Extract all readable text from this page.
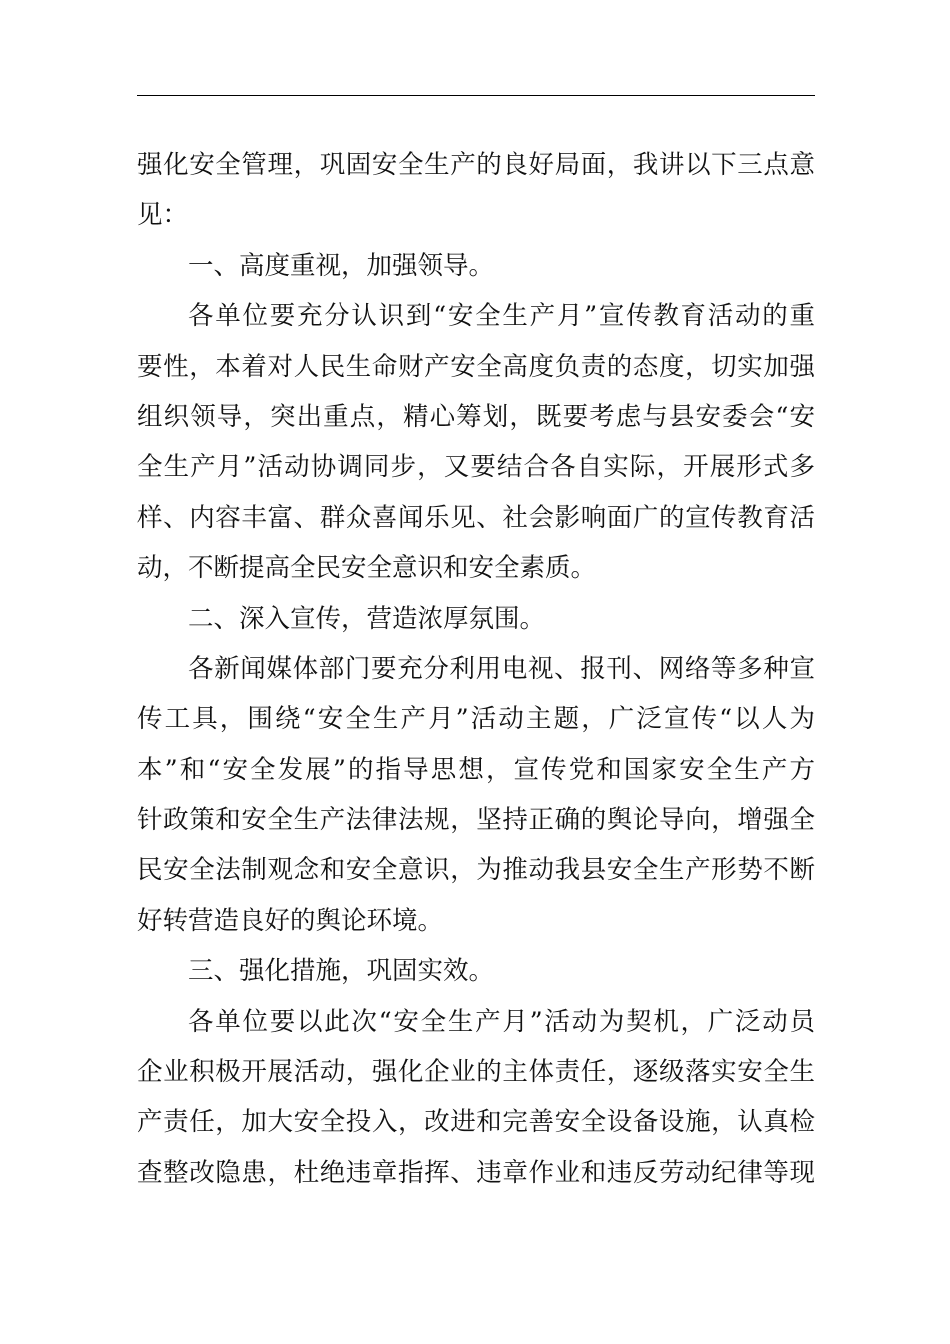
强化安全管理，巩固安全生产的良好局面，我讲以下三点意
见：
一、高度重视，加强领导。
各单位要充分认识到“安全生产月”宣传教育活动的重
要性，本着对人民生命财产安全高度负责的态度，切实加强
组织领导，突出重点，精心筹划，既要考虑与县安委会“安
全生产月”活动协调同步，又要结合各自实际，开展形式多
样、内容丰富、群众喜闻乐见、社会影响面广的宣传教育活
动，不断提高全民安全意识和安全素质。
二、深入宣传，营造浓厚氛围。
各新闻媒体部门要充分利用电视、报刊、网络等多种宣
传工具，围绕“安全生产月”活动主题，广泛宣传“以人为
本”和“安全发展”的指导思想，宣传党和国家安全生产方
针政策和安全生产法律法规，坚持正确的舆论导向，增强全
民安全法制观念和安全意识，为推动我县安全生产形势不断
好转营造良好的舆论环境。
三、强化措施，巩固实效。
各单位要以此次“安全生产月”活动为契机，广泛动员
企业积极开展活动，强化企业的主体责任，逐级落实安全生
产责任，加大安全投入，改进和完善安全设备设施，认真检
查整改隐患，杜绝违章指挥、违章作业和违反劳动纪律等现
